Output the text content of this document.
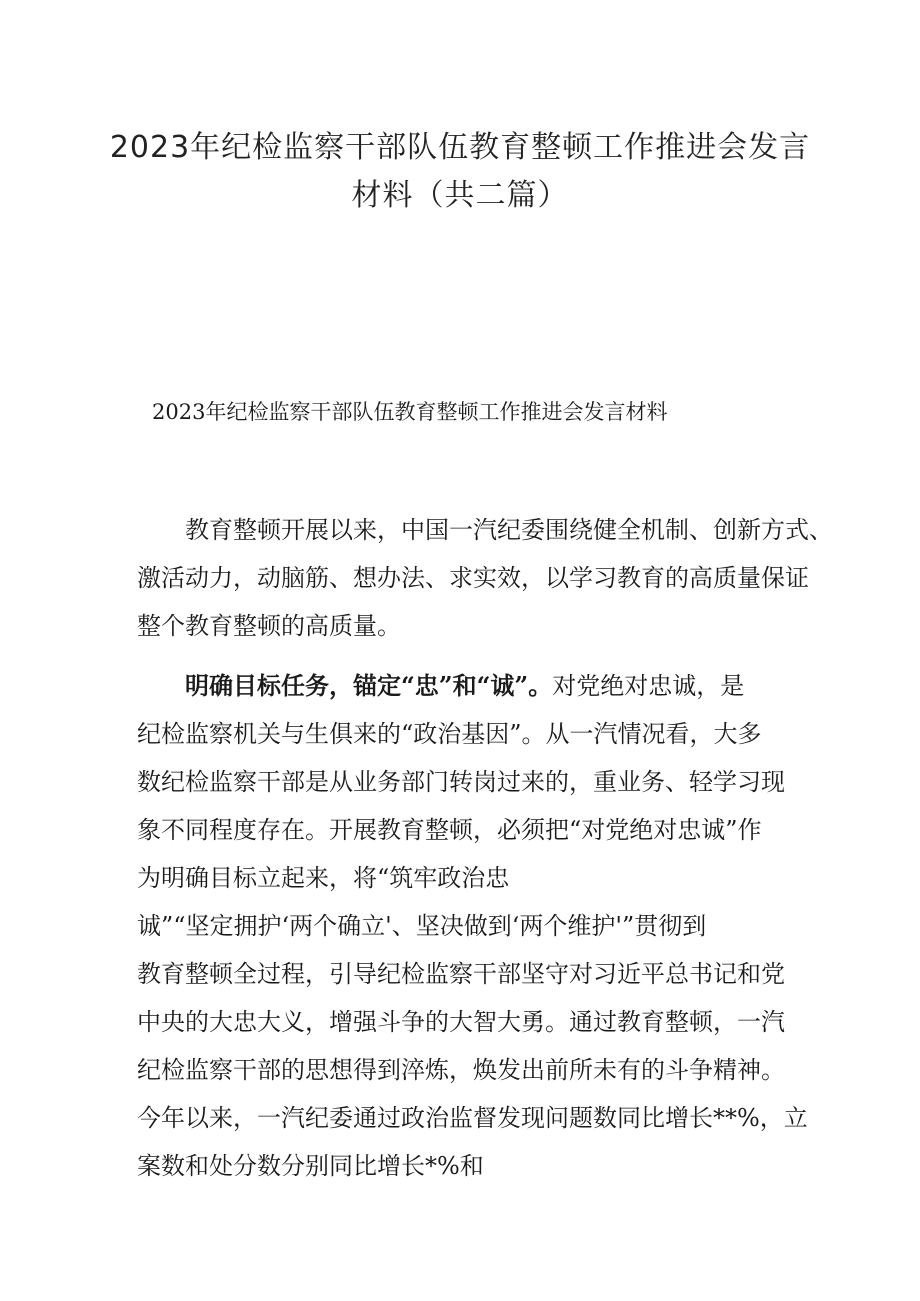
2023年纪检监察干部队伍教育整顿工作推进会发言
材料（共二篇）
2023年纪检监察干部队伍教育整顿工作推进会发言材料
教育整顿开展以来，中国一汽纪委围绕健全机制、创新方式、
激活动力，动脑筋、想办法、求实效，以学习教育的高质量保证
整个教育整顿的高质量。
明确目标任务，锚定“忠”和“诚”。对党绝对忠诚，是
纪检监察机关与生俱来的“政治基因”。从一汽情况看，大多
数纪检监察干部是从业务部门转岗过来的，重业务、轻学习现
象不同程度存在。开展教育整顿，必须把“对党绝对忠诚”作
为明确目标立起来，将“筑牢政治忠
诚”“坚定拥护‘两个确立'、坚决做到‘两个维护'”贯彻到
教育整顿全过程，引导纪检监察干部坚守对习近平总书记和党
中央的大忠大义，增强斗争的大智大勇。通过教育整顿，一汽
纪检监察干部的思想得到淬炼，焕发出前所未有的斗争精神。
今年以来，一汽纪委通过政治监督发现问题数同比增长**%，立
案数和处分数分别同比增长*%和
